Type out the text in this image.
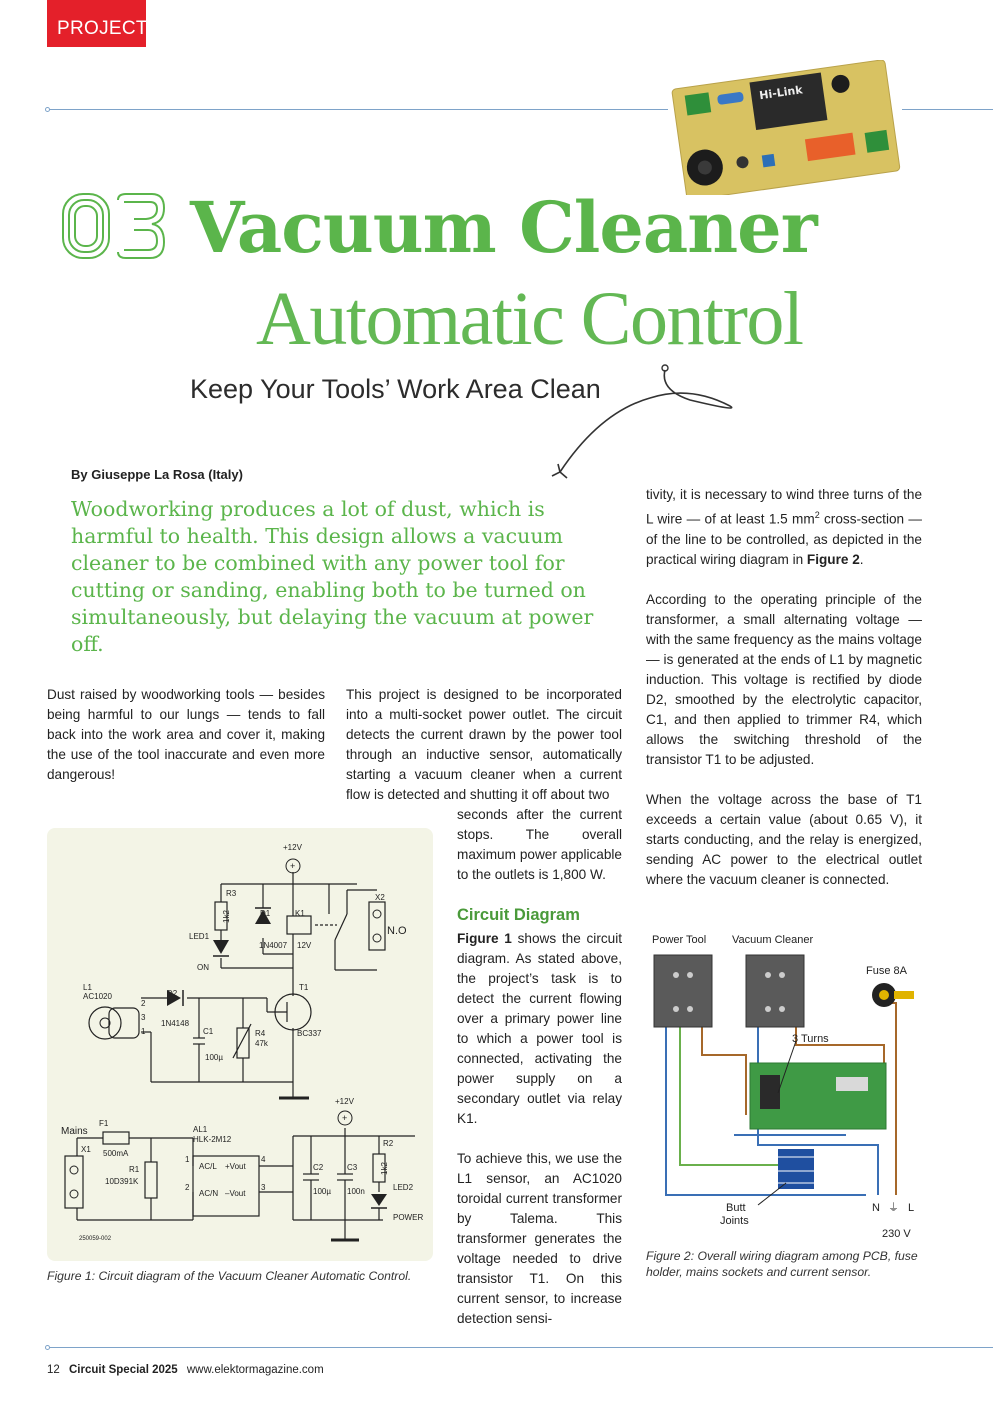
PROJECT
Hi-Link
Vacuum Cleaner
Automatic Control
Keep Your Tools’ Work Area Clean
By Giuseppe La Rosa (Italy)
Woodworking produces a lot of dust, which is harmful to health. This design allows a vacuum cleaner to be combined with any power tool for cutting or sanding, enabling both to be turned on simultaneously, but delaying the vacuum at power off.

Dust raised by woodworking tools — besides being harmful to our lungs — tends to fall back into the work area and cover it, making the use of the tool inaccurate and even more dangerous!

This project is designed to be incorporated into a multi-socket power outlet. The circuit detects the current drawn by the power tool through an inductive sensor, automatically starting a vacuum cleaner when a current flow is detected and shutting it off about two

seconds after the current stops. The overall maximum power applicable to the outlets is 1,800 W.

Circuit Diagram

Figure 1 shows the circuit diagram. As stated above, the project’s task is to detect the current flowing over a primary power line to which a power tool is connected, activating the power supply on a secondary outlet via relay K1.

To achieve this, we use the L1 sensor, an AC1020 toroidal current transformer by Talema. This transformer generates the voltage needed to drive transistor T1. On this current sensor, to increase detection sensi-

tivity, it is necessary to wind three turns of the L wire — of at least 1.5 $mm^2$ cross-section — of the line to be controlled, as depicted in the practical wiring diagram in Figure 2.

According to the operating principle of the transformer, a small alternating voltage — with the same frequency as the mains voltage — is generated at the ends of L1 by magnetic induction. This voltage is rectified by diode D2, smoothed by the electrolytic capacitor, C1, and then applied to trimmer R4, which allows the switching threshold of the transistor T1 to be adjusted.

When the voltage across the base of T1 exceeds a certain value (about 0.65 V), it starts conducting, and the relay is energized, sending AC power to the electrical outlet where the vacuum cleaner is connected.

+
+
+12V
R3
1k2	D1
1N4007
K1
12V
X2
N.O
LED1
ON
L1
AC1020	D2
1N4148
T1
BC337
C1
100µ
R4
47k
2
3
1
+12V
Mains
F1
500mA
X1
R1
10D391K
AL1
HLK-2M12
AC/L
AC/N
+Vout
–Vout
1
2	3
4
C2
100µ
C3
100n
R2
1k2
LED2
POWER
250059-002
Figure 1: Circuit diagram of the Vacuum Cleaner Automatic Control.
Power Tool Vacuum Cleaner
Fuse 8A
3 Turns
Butt
Joints
N ⏚ L
230 V
Figure 2: Overall wiring diagram among PCB, fuse holder, mains sockets and current sensor.
12 Circuit Special 2025 www.elektormagazine.com
